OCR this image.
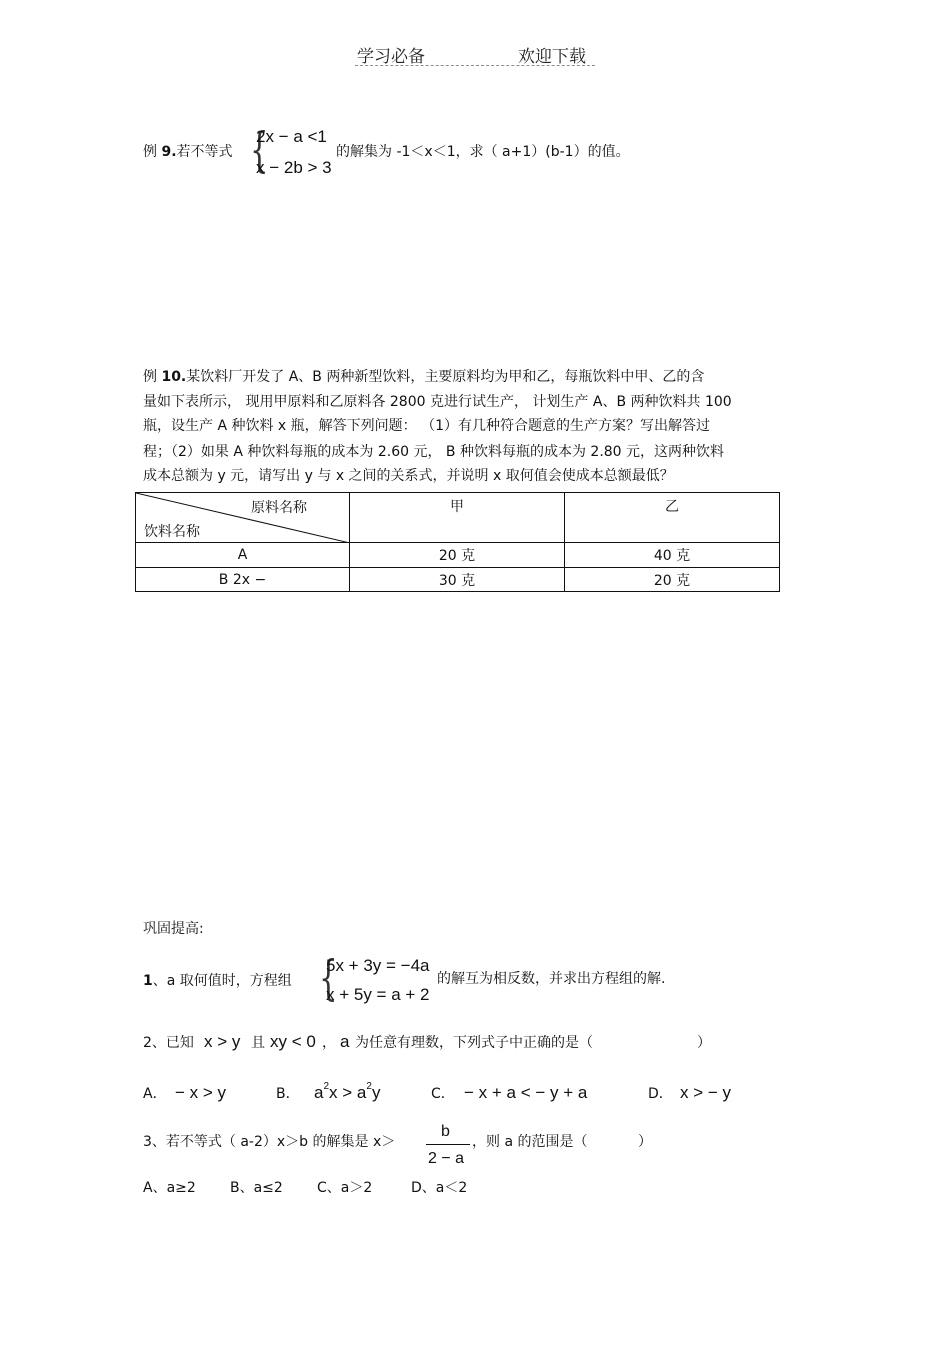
学习必备	欢迎下载
例 9.若不等式 {
2x − a <1
x − 2b > 3
的解集为 -1＜x＜1，求（ a+1）(b-1）的值。
例 10.某饮料厂开发了 A、B 两种新型饮料，主要原料均为甲和乙，每瓶饮料中甲、乙的含
量如下表所示， 现用甲原料和乙原料各 2800 克进行试生产， 计划生产 A、B 两种饮料共 100
瓶，设生产 A 种饮料 x 瓶，解答下列问题： （1）有几种符合题意的生产方案？写出解答过
程；（2）如果 A 种饮料每瓶的成本为 2.60 元， B 种饮料每瓶的成本为 2.80 元，这两种饮料
成本总额为 y 元，请写出 y 与 x 之间的关系式，并说明 x 取何值会使成本总额最低？
原料名称
饮料名称	甲	乙
A	20 克	40 克
B 2x −	30 克	20 克
巩固提高:
1、a 取何值时，方程组 {
5x + 3y = −4a
x + 5y = a + 2
的解互为相反数，并求出方程组的解.
2、已知 x > y 且 xy < 0 ， a 为任意有理数，下列式子中正确的是（	）
A． − x > y	B． $a^2x > a^2y$	C． − x + a < − y + a	D． x > − y
3、若不等式（ a-2）x＞b 的解集是 x＞
b
2 − a
，则 a 的范围是（	）
A、a≥2 B、a≤2 C、a＞2	D、a＜2
